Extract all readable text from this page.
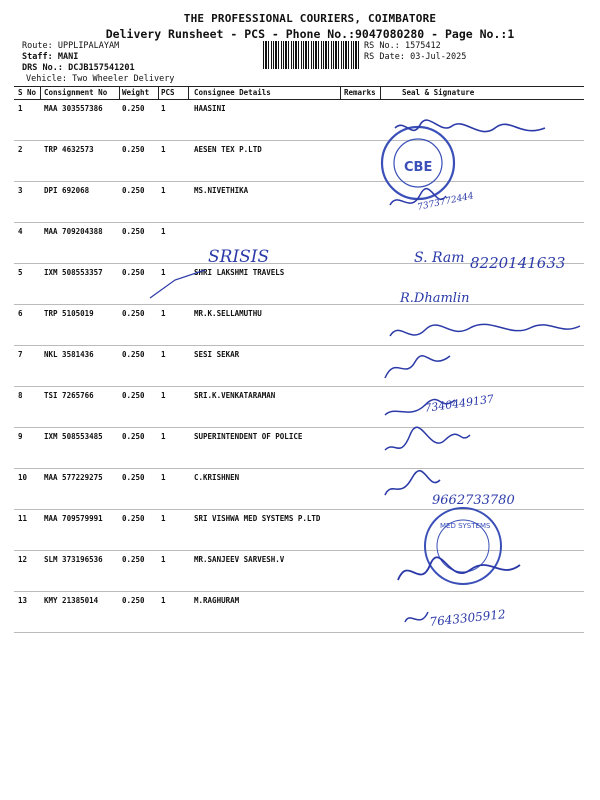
THE PROFESSIONAL COURIERS, COIMBATORE
Delivery Runsheet - PCS - Phone No.:9047080280 - Page No.:1
Route: UPPLIPALAYAM
Staff: MANI
DRS No.: DCJB157541201
Vehicle: Two Wheeler Delivery
RS No.: 1575412
RS Date: 03-Jul-2025
S No Consignment No Weight PCS	Consignee Details	Remarks	Seal & Signature
1	MAA 303557386	0.250 1	HAASINI
2	TRP 4632573	0.250 1	AESEN TEX P.LTD
3	DPI 692068	0.250 1	MS.NIVETHIKA
4	MAA 709204388	0.250 1
5	IXM 508553357	0.250 1	SHRI LAKSHMI TRAVELS
6	TRP 5105019	0.250 1	MR.K.SELLAMUTHU
7	NKL 3581436	0.250 1	SESI SEKAR
8	TSI 7265766	0.250 1	SRI.K.VENKATARAMAN
9	IXM 508553485	0.250 1	SUPERINTENDENT OF POLICE
10 MAA 577229275	0.250 1	C.KRISHNEN
11 MAA 709579991	0.250 1	SRI VISHWA MED SYSTEMS P.LTD
12 SLM 373196536	0.250 1	MR.SANJEEV SARVESH.V
13 KMY 21385014	0.250 1	M.RAGHURAM
CBE
7373772444
SRISIS	S. Ram 8220141633
R.Dhamlin
7340449137
9662733780
MED SYSTEMS
7643305912
